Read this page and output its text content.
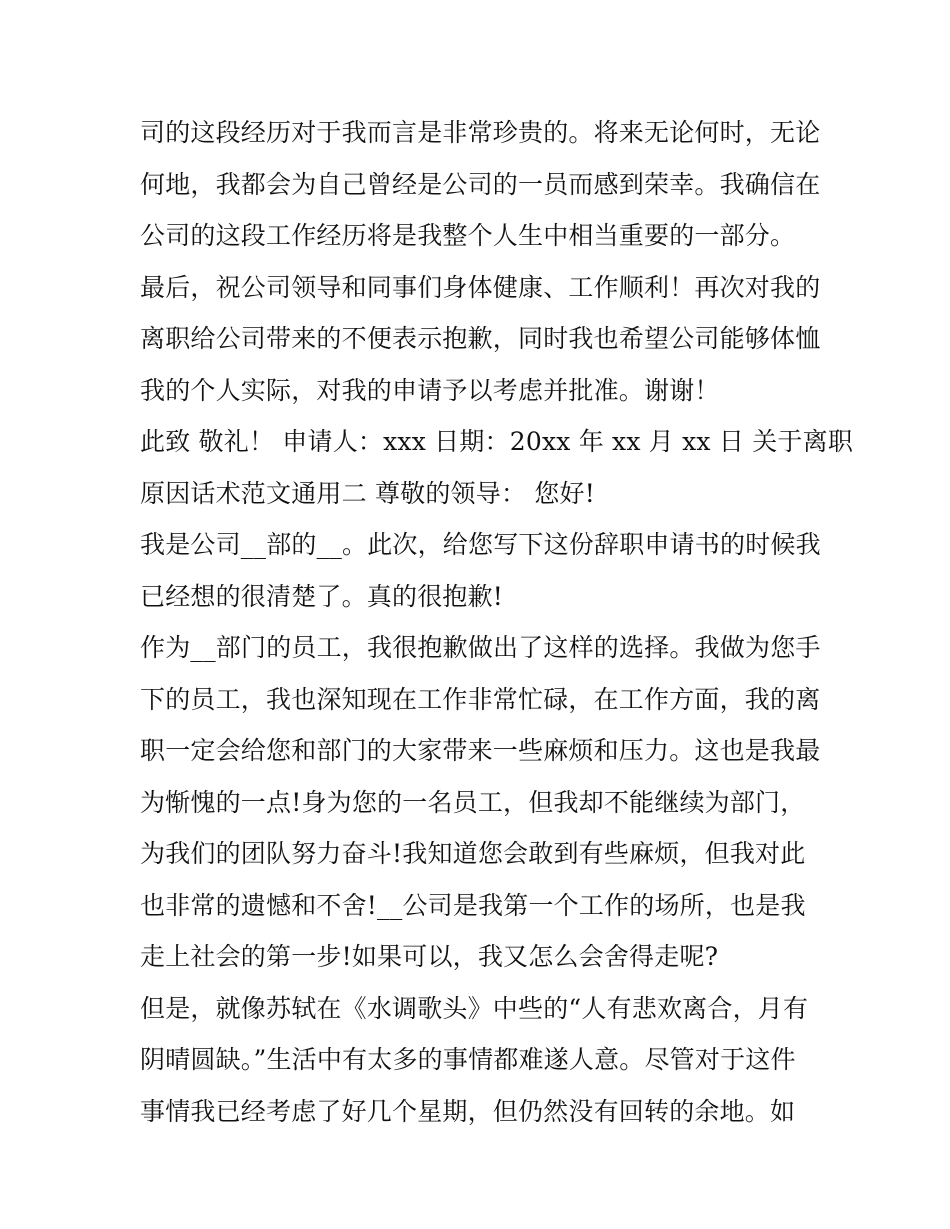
司的这段经历对于我而言是非常珍贵的。将来无论何时，无论
何地，我都会为自己曾经是公司的一员而感到荣幸。我确信在
公司的这段工作经历将是我整个人生中相当重要的一部分。
最后，祝公司领导和同事们身体健康、工作顺利！再次对我的
离职给公司带来的不便表示抱歉，同时我也希望公司能够体恤
我的个人实际，对我的申请予以考虑并批准。谢谢！
此致 敬礼！ 申请人：xxx 日期：20xx 年 xx 月 xx 日 关于离职
原因话术范文通用二 尊敬的领导： 您好!
我是公司__部的__。此次，给您写下这份辞职申请书的时候我
已经想的很清楚了。真的很抱歉!
作为__部门的员工，我很抱歉做出了这样的选择。我做为您手
下的员工，我也深知现在工作非常忙碌，在工作方面，我的离
职一定会给您和部门的大家带来一些麻烦和压力。这也是我最
为惭愧的一点!身为您的一名员工，但我却不能继续为部门，
为我们的团队努力奋斗!我知道您会敢到有些麻烦，但我对此
也非常的遗憾和不舍!__公司是我第一个工作的场所，也是我
走上社会的第一步!如果可以，我又怎么会舍得走呢?
但是，就像苏轼在《水调歌头》中些的“人有悲欢离合，月有
阴晴圆缺。”生活中有太多的事情都难遂人意。尽管对于这件
事情我已经考虑了好几个星期，但仍然没有回转的余地。如
